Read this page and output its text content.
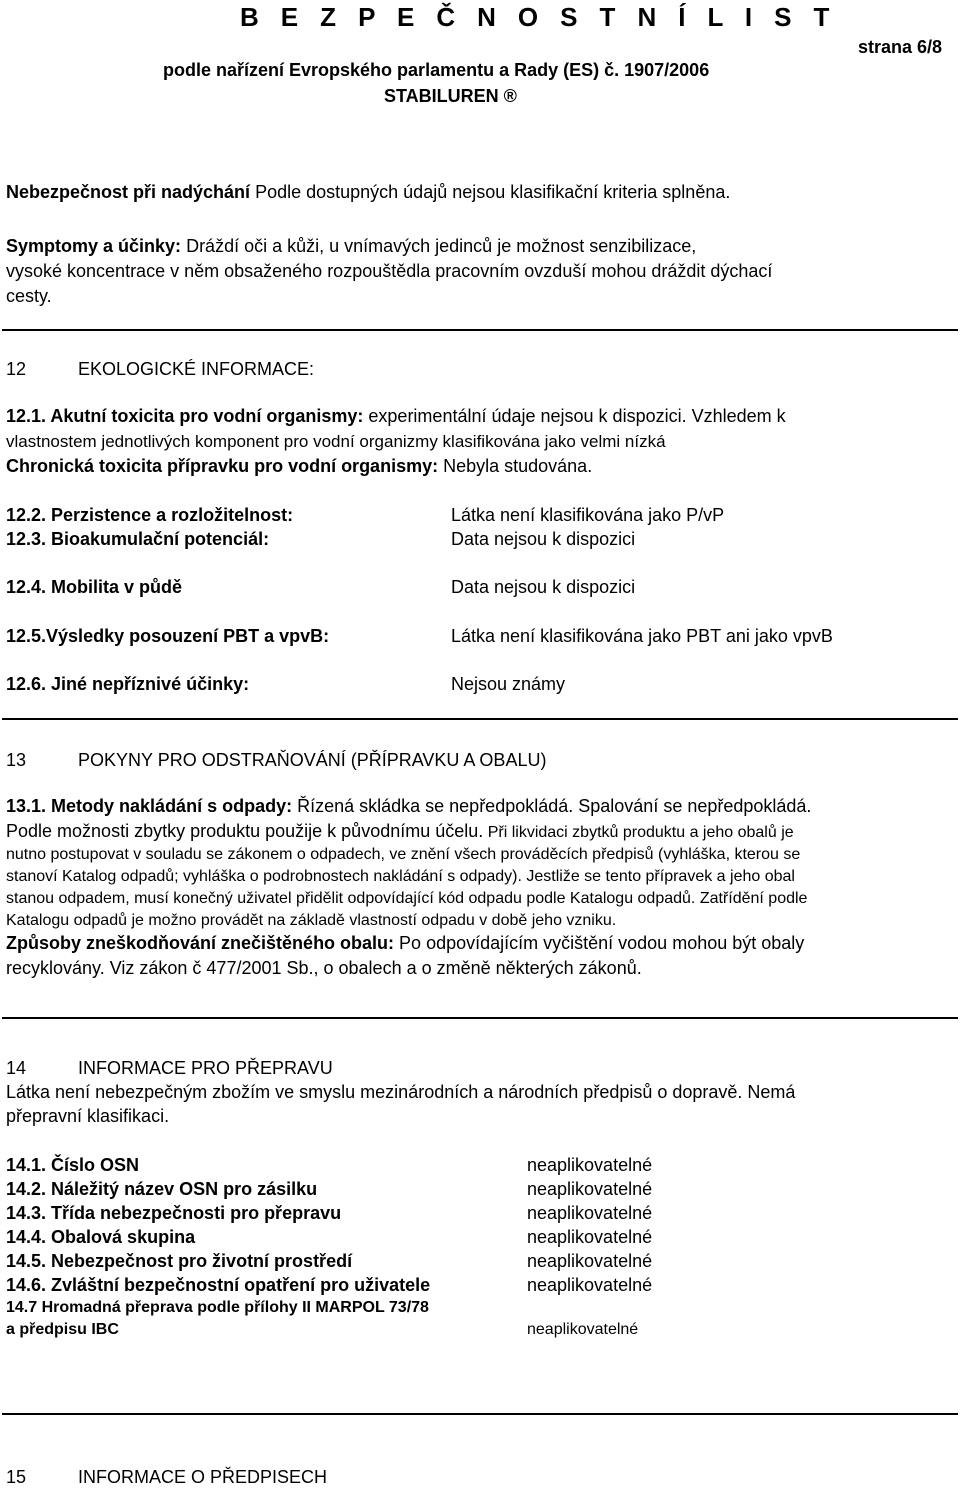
B E Z P E Č N O S T N Í L I S T
podle nařízení Evropského parlamentu a Rady (ES) č. 1907/2006
STABILUREN ®
strana 6/8
Nebezpečnost při nadýchání Podle dostupných údajů nejsou klasifikační kriteria splněna.
Symptomy a účinky: Dráždí oči a kůži, u vnímavých jedinců je možnost senzibilizace,
vysoké koncentrace v něm obsaženého rozpouštědla pracovním ovzduší mohou dráždit dýchací
cesty.
12	EKOLOGICKÉ INFORMACE:
12.1. Akutní toxicita pro vodní organismy: experimentální údaje nejsou k dispozici. Vzhledem k
vlastnostem jednotlivých komponent pro vodní organizmy klasifikována jako velmi nízká
Chronická toxicita přípravku pro vodní organismy: Nebyla studována.
12.2. Perzistence a rozložitelnost:	Látka není klasifikována jako P/vP
12.3. Bioakumulační potenciál:	Data nejsou k dispozici
12.4. Mobilita v půdě	Data nejsou k dispozici
12.5.Výsledky posouzení PBT a vpvB:	Látka není klasifikována jako PBT ani jako vpvB
12.6. Jiné nepříznivé účinky:	Nejsou známy
13	POKYNY PRO ODSTRAŇOVÁNÍ (PŘÍPRAVKU A OBALU)
13.1. Metody nakládání s odpady: Řízená skládka se nepředpokládá. Spalování se nepředpokládá.
Podle možnosti zbytky produktu použije k původnímu účelu. Při likvidaci zbytků produktu a jeho obalů je
nutno postupovat v souladu se zákonem o odpadech, ve znění všech prováděcích předpisů (vyhláška, kterou se
stanoví Katalog odpadů; vyhláška o podrobnostech nakládání s odpady). Jestliže se tento přípravek a jeho obal
stanou odpadem, musí konečný uživatel přidělit odpovídající kód odpadu podle Katalogu odpadů. Zatřídění podle
Katalogu odpadů je možno provádět na základě vlastností odpadu v době jeho vzniku.
Způsoby zneškodňování znečištěného obalu: Po odpovídajícím vyčištění vodou mohou být obaly
recyklovány. Viz zákon č 477/2001 Sb., o obalech a o změně některých zákonů.
14	INFORMACE PRO PŘEPRAVU
Látka není nebezpečným zbožím ve smyslu mezinárodních a národních předpisů o dopravě. Nemá
přepravní klasifikaci.
14.1. Číslo OSN	neaplikovatelné
14.2. Náležitý název OSN pro zásilku	neaplikovatelné
14.3. Třída nebezpečnosti pro přepravu	neaplikovatelné
14.4. Obalová skupina	neaplikovatelné
14.5. Nebezpečnost pro životní prostředí	neaplikovatelné
14.6. Zvláštní bezpečnostní opatření pro uživatele	neaplikovatelné
14.7 Hromadná přeprava podle přílohy II MARPOL 73/78
a předpisu IBC	neaplikovatelné
15	INFORMACE O PŘEDPISECH
